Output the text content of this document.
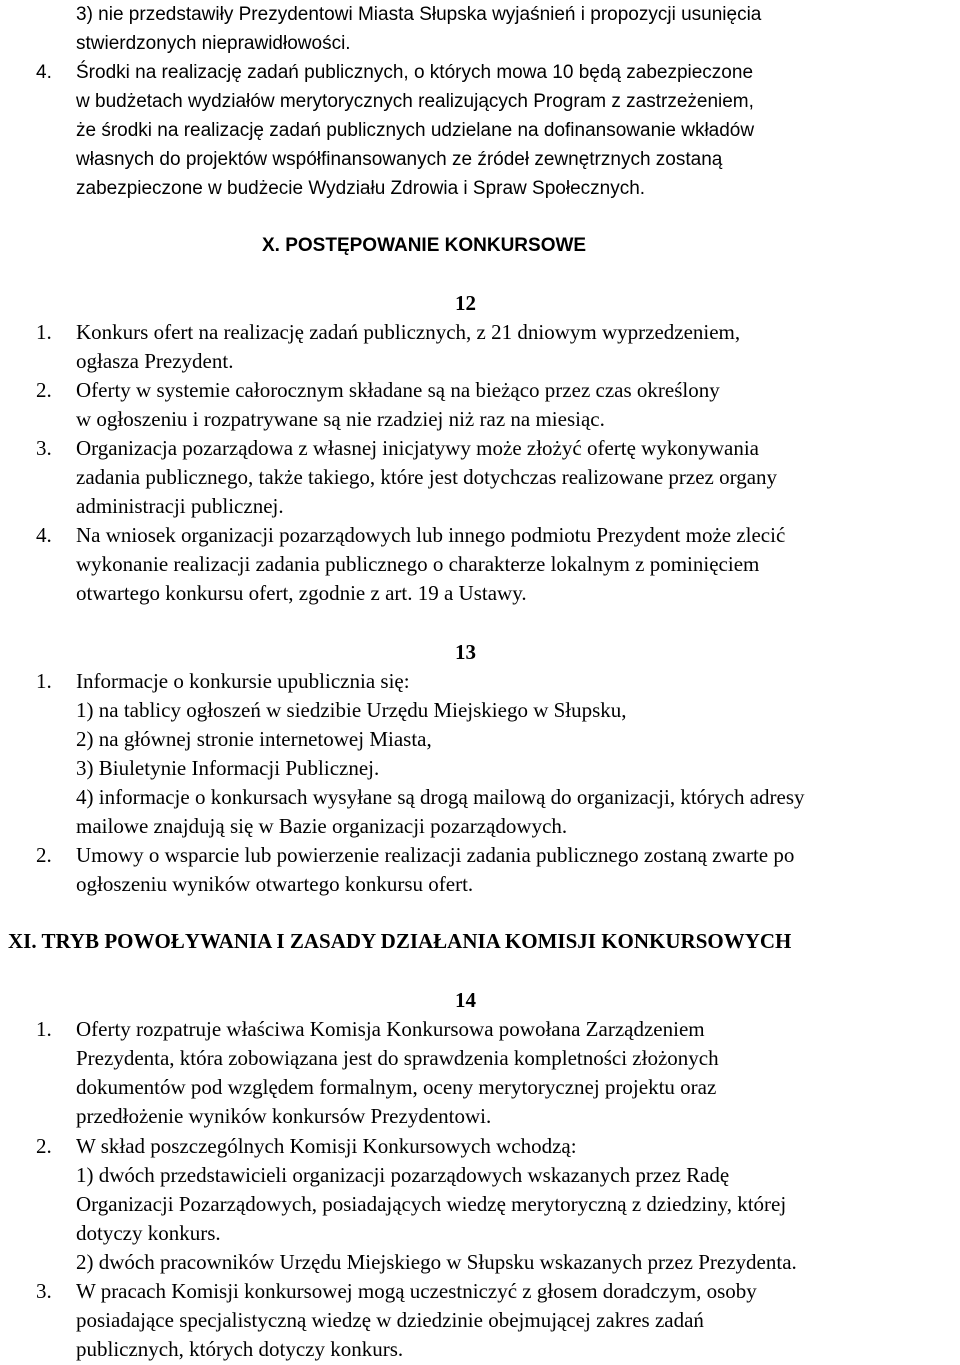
3) nie przedstawiły Prezydentowi Miasta Słupska wyjaśnień i propozycji usunięcia
stwierdzonych nieprawidłowości.
4. Środki na realizację zadań publicznych, o których mowa 10 będą zabezpieczone
w budżetach wydziałów merytorycznych realizujących Program z zastrzeżeniem,
że środki na realizację zadań publicznych udzielane na dofinansowanie wkładów
własnych do projektów współfinansowanych ze źródeł zewnętrznych zostaną
zabezpieczone w budżecie Wydziału Zdrowia i Spraw Społecznych.
X. POSTĘPOWANIE KONKURSOWE
12
1. Konkurs ofert na realizację zadań publicznych, z 21 dniowym wyprzedzeniem,
ogłasza Prezydent.
2. Oferty w systemie całorocznym składane są na bieżąco przez czas określony
w ogłoszeniu i rozpatrywane są nie rzadziej niż raz na miesiąc.
3. Organizacja pozarządowa z własnej inicjatywy może złożyć ofertę wykonywania
zadania publicznego, także takiego, które jest dotychczas realizowane przez organy
administracji publicznej.
4. Na wniosek organizacji pozarządowych lub innego podmiotu Prezydent może zlecić
wykonanie realizacji zadania publicznego o charakterze lokalnym z pominięciem
otwartego konkursu ofert, zgodnie z art. 19 a Ustawy.
13
1. Informacje o konkursie upublicznia się:
1) na tablicy ogłoszeń w siedzibie Urzędu Miejskiego w Słupsku,
2) na głównej stronie internetowej Miasta,
3) Biuletynie Informacji Publicznej.
4) informacje o konkursach wysyłane są drogą mailową do organizacji, których adresy
mailowe znajdują się w Bazie organizacji pozarządowych.
2. Umowy o wsparcie lub powierzenie realizacji zadania publicznego zostaną zwarte po
ogłoszeniu wyników otwartego konkursu ofert.
XI. TRYB POWOŁYWANIA I ZASADY DZIAŁANIA KOMISJI KONKURSOWYCH
14
1. Oferty rozpatruje właściwa Komisja Konkursowa powołana Zarządzeniem
Prezydenta, która zobowiązana jest do sprawdzenia kompletności złożonych
dokumentów pod względem formalnym, oceny merytorycznej projektu oraz
przedłożenie wyników konkursów Prezydentowi.
2. W skład poszczególnych Komisji Konkursowych wchodzą:
1) dwóch przedstawicieli organizacji pozarządowych wskazanych przez Radę
Organizacji Pozarządowych, posiadających wiedzę merytoryczną z dziedziny, której
dotyczy konkurs.
2) dwóch pracowników Urzędu Miejskiego w Słupsku wskazanych przez Prezydenta.
3. W pracach Komisji konkursowej mogą uczestniczyć z głosem doradczym, osoby
posiadające specjalistyczną wiedzę w dziedzinie obejmującej zakres zadań
publicznych, których dotyczy konkurs.
